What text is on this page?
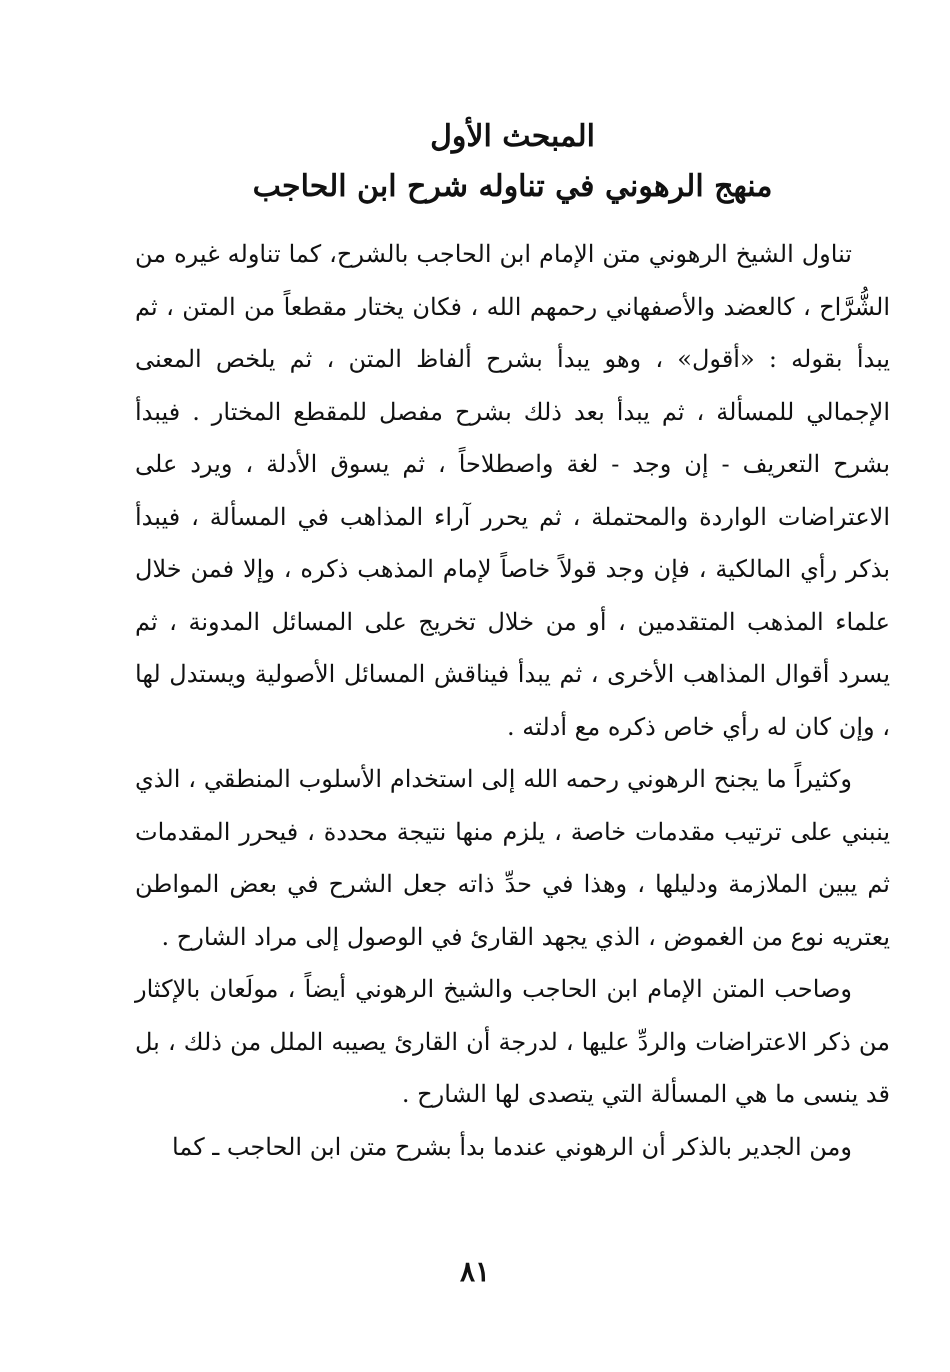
المبحث الأول
منهج الرهوني في تناوله شرح ابن الحاجب

تناول الشيخ الرهوني متن الإمام ابن الحاجب بالشرح، كما تناوله غيره من الشُّرَّاح ، كالعضد والأصفهاني رحمهم الله ، فكان يختار مقطعاً من المتن ، ثم يبدأ بقوله : «أقول» ، وهو يبدأ بشرح ألفاظ المتن ، ثم يلخص المعنى الإجمالي للمسألة ، ثم يبدأ بعد ذلك بشرح مفصل للمقطع المختار . فيبدأ بشرح التعريف - إن وجد - لغة واصطلاحاً ، ثم يسوق الأدلة ، ويرد على الاعتراضات الواردة والمحتملة ، ثم يحرر آراء المذاهب في المسألة ، فيبدأ بذكر رأي المالكية ، فإن وجد قولاً خاصاً لإمام المذهب ذكره ، وإلا فمن خلال علماء المذهب المتقدمين ، أو من خلال تخريج على المسائل المدونة ، ثم يسرد أقوال المذاهب الأخرى ، ثم يبدأ فيناقش المسائل الأصولية ويستدل لها ، وإن كان له رأي خاص ذكره مع أدلته .

وكثيراً ما يجنح الرهوني رحمه الله إلى استخدام الأسلوب المنطقي ، الذي ينبني على ترتيب مقدمات خاصة ، يلزم منها نتيجة محددة ، فيحرر المقدمات ثم يبين الملازمة ودليلها ، وهذا في حدِّ ذاته جعل الشرح في بعض المواطن يعتريه نوع من الغموض ، الذي يجهد القارئ في الوصول إلى مراد الشارح .

وصاحب المتن الإمام ابن الحاجب والشيخ الرهوني أيضاً ، مولَعان بالإكثار من ذكر الاعتراضات والردِّ عليها ، لدرجة أن القارئ يصيبه الملل من ذلك ، بل قد ينسى ما هي المسألة التي يتصدى لها الشارح .

ومن الجدير بالذكر أن الرهوني عندما بدأ بشرح متن ابن الحاجب ـ كما

٨١
